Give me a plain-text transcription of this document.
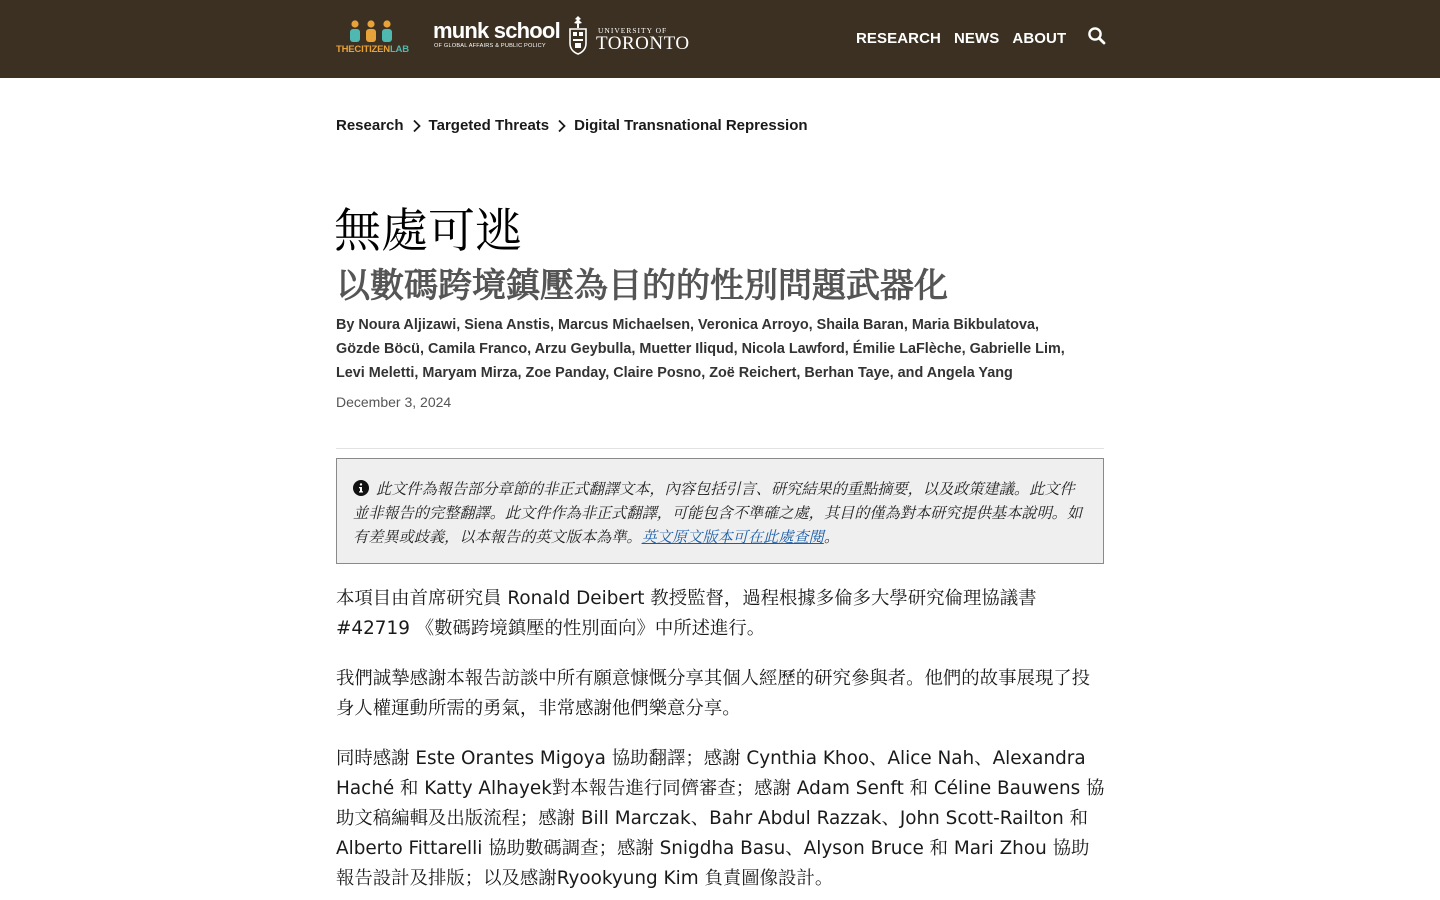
THECITIZENLAB
munk school
OF GLOBAL AFFAIRS & PUBLIC POLICY
UNIVERSITY OF
TORONTO	RESEARCH NEWS ABOUT
Research Targeted Threats Digital Transnational Repression
無處可逃
以數碼跨境鎮壓為目的的性別問題武器化
By Noura Aljizawi, Siena Anstis, Marcus Michaelsen, Veronica Arroyo, Shaila Baran, Maria Bikbulatova,
Gözde Böcü, Camila Franco, Arzu Geybulla, Muetter Iliqud, Nicola Lawford, Émilie LaFlèche, Gabrielle Lim,
Levi Meletti, Maryam Mirza, Zoe Panday, Claire Posno, Zoë Reichert, Berhan Taye, and Angela Yang
December 3, 2024

此文件為報告部分章節的非正式翻譯文本，內容包括引言、研究結果的重點摘要，以及政策建議。此文件並非報告的完整翻譯。此文件作為非正式翻譯，可能包含不準確之處，其目的僅為對本研究提供基本說明。如有差異或歧義，以本報告的英文版本為準。英文原文版本可在此處查閱。

本項目由首席研究員 Ronald Deibert 教授監督，過程根據多倫多大學研究倫理協議書 #42719 《數碼跨境鎮壓的性別面向》中所述進行。

我們誠摯感謝本報告訪談中所有願意慷慨分享其個人經歷的研究參與者。他們的故事展現了投身人權運動所需的勇氣，非常感謝他們樂意分享。

同時感謝 Este Orantes Migoya 協助翻譯；感謝 Cynthia Khoo、Alice Nah、Alexandra Haché 和 Katty Alhayek對本報告進行同儕審查；感謝 Adam Senft 和 Céline Bauwens 協助文稿編輯及出版流程；感謝 Bill Marczak、Bahr Abdul Razzak、John Scott-Railton 和 Alberto Fittarelli 協助數碼調查；感謝 Snigdha Basu、Alyson Bruce 和 Mari Zhou 協助報告設計及排版；以及感謝Ryookyung Kim 負責圖像設計。
